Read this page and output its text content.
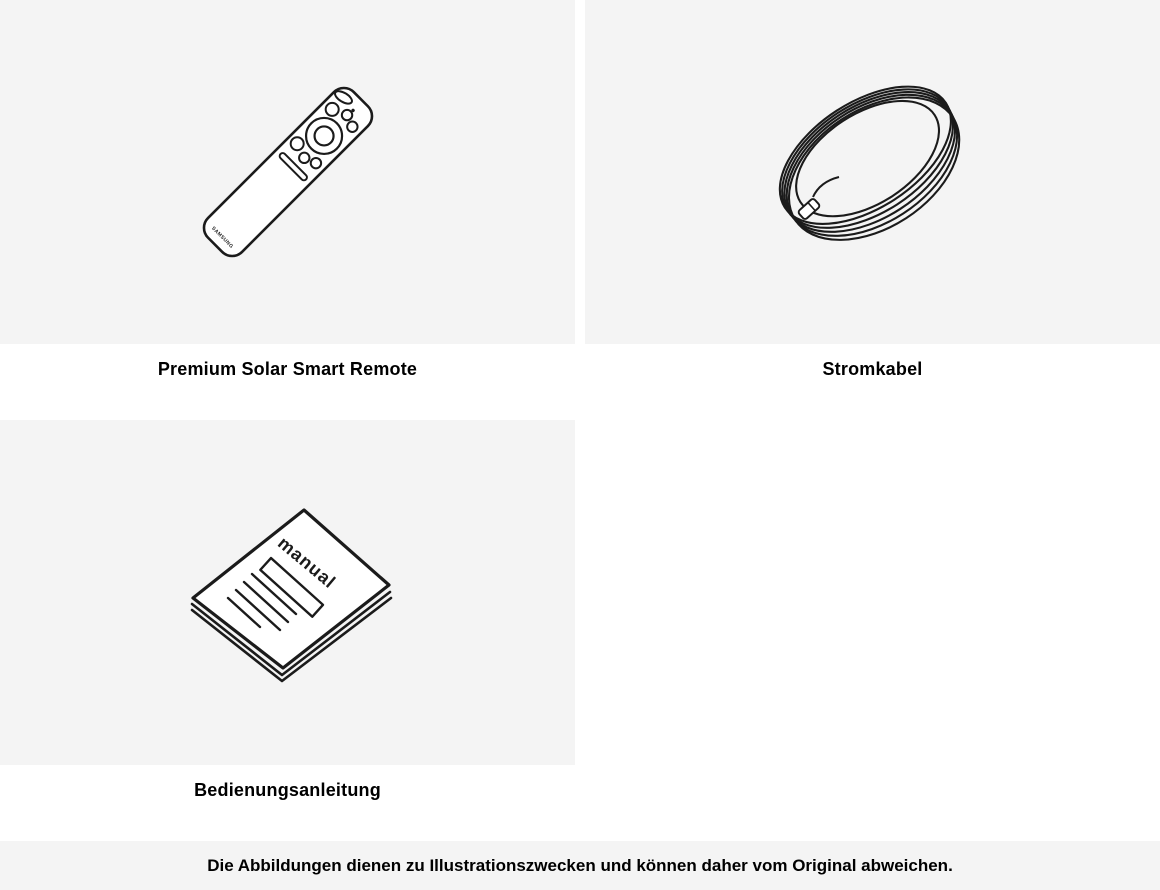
SAMSUNG
Premium Solar Smart Remote	Stromkabel
manual
Bedienungsanleitung
Die Abbildungen dienen zu Illustrationszwecken und können daher vom Original abweichen.
